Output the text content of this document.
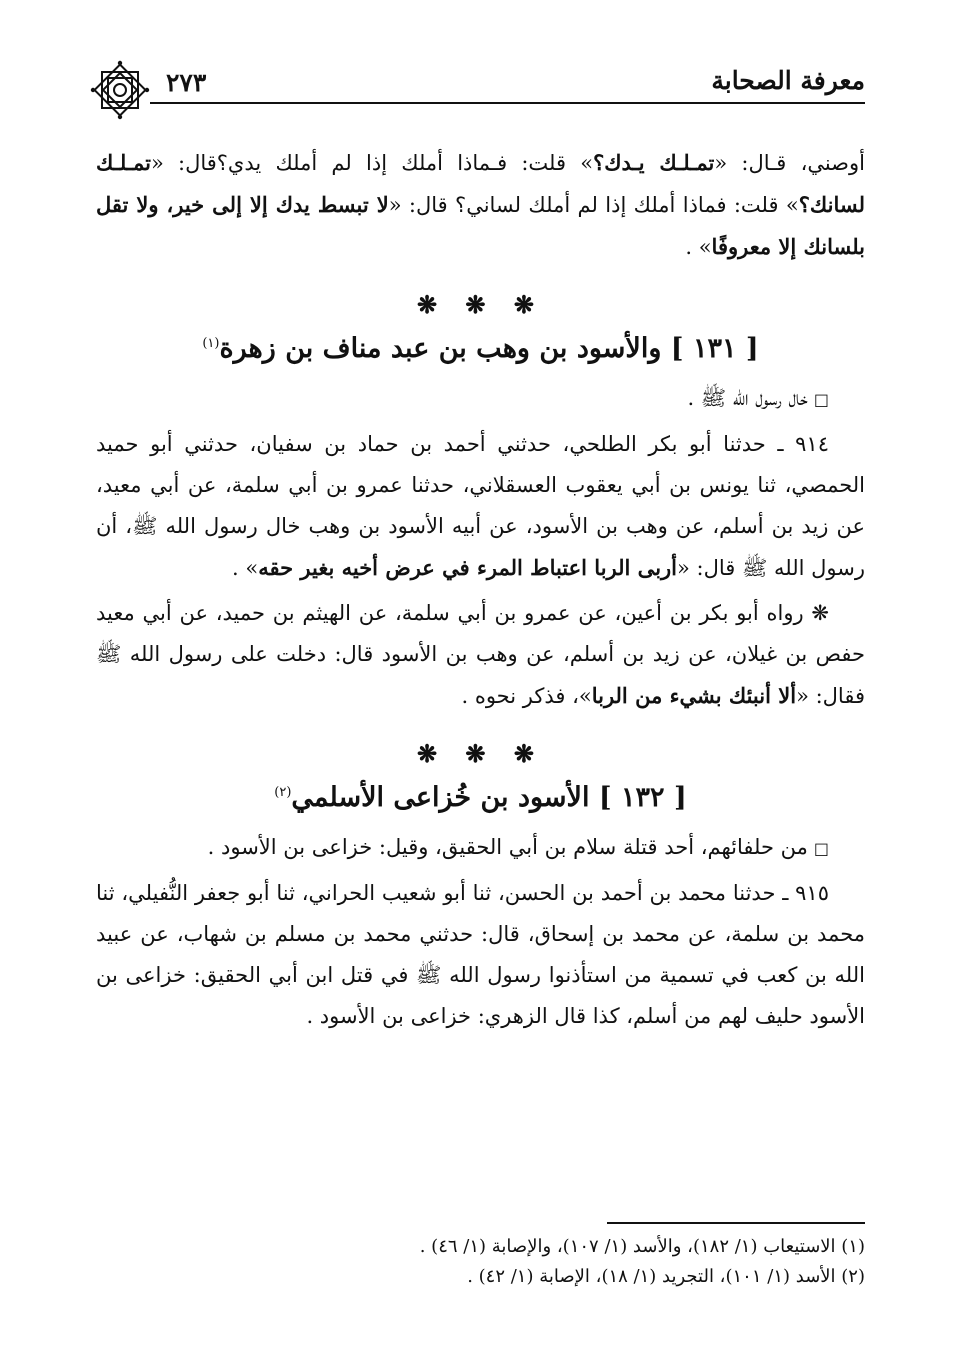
معرفة الصحابة
٢٧٣

أوصني، قـال: «تمـلـك يـدك؟» قلت: فـماذا أملك إذا لم أملك يدي؟قال: «تمـلـك لسانك؟» قلت: فماذا أملك إذا لم أملك لساني؟ قال: «لا تبسط يدك إلا إلى خير، ولا تقل بلسانك إلا معروفًا» .

❋ ❋ ❋
[ ١٣١ ] والأسود بن وهب بن عبد مناف بن زهرة$^{(١)}$

□خال رسول الله ﷺ .

٩١٤ ـ حدثنا أبو بكر الطلحي، حدثني أحمد بن حماد بن سفيان، حدثني أبو حميد الحمصي، ثنا يونس بن أبي يعقوب العسقلاني، حدثنا عمرو بن أبي سلمة، عن أبي معيد، عن زيد بن أسلم، عن وهب بن الأسود، عن أبيه الأسود بن وهب خال رسول الله ﷺ، أن رسول الله ﷺ قال: «أربى الربا اعتباط المرء في عرض أخيه بغير حقه» .

❋ رواه أبو بكر بن أعين، عن عمرو بن أبي سلمة، عن الهيثم بن حميد، عن أبي معيد حفص بن غيلان، عن زيد بن أسلم، عن وهب بن الأسود قال: دخلت على رسول الله ﷺ فقال: «ألا أنبئك بشيء من الربا»، فذكر نحوه .

❋ ❋ ❋
[ ١٣٢ ] الأسود بن خُزاعى الأسلمي$^{(٢)}$

□من حلفائهم، أحد قتلة سلام بن أبي الحقيق، وقيل: خزاعى بن الأسود .

٩١٥ ـ حدثنا محمد بن أحمد بن الحسن، ثنا أبو شعيب الحراني، ثنا أبو جعفر النُّفيلي، ثنا محمد بن سلمة، عن محمد بن إسحاق، قال: حدثني محمد بن مسلم بن شهاب، عن عبيد الله بن كعب في تسمية من استأذنوا رسول الله ﷺ في قتل ابن أبي الحقيق: خزاعى بن الأسود حليف لهم من أسلم، كذا قال الزهري: خزاعى بن الأسود .

(١) الاستيعاب (١/ ١٨٢)، والأسد (١/ ١٠٧)، والإصابة (١/ ٤٦) .
(٢) الأسد (١/ ١٠١)، التجريد (١/ ١٨)، الإصابة (١/ ٤٢) .
